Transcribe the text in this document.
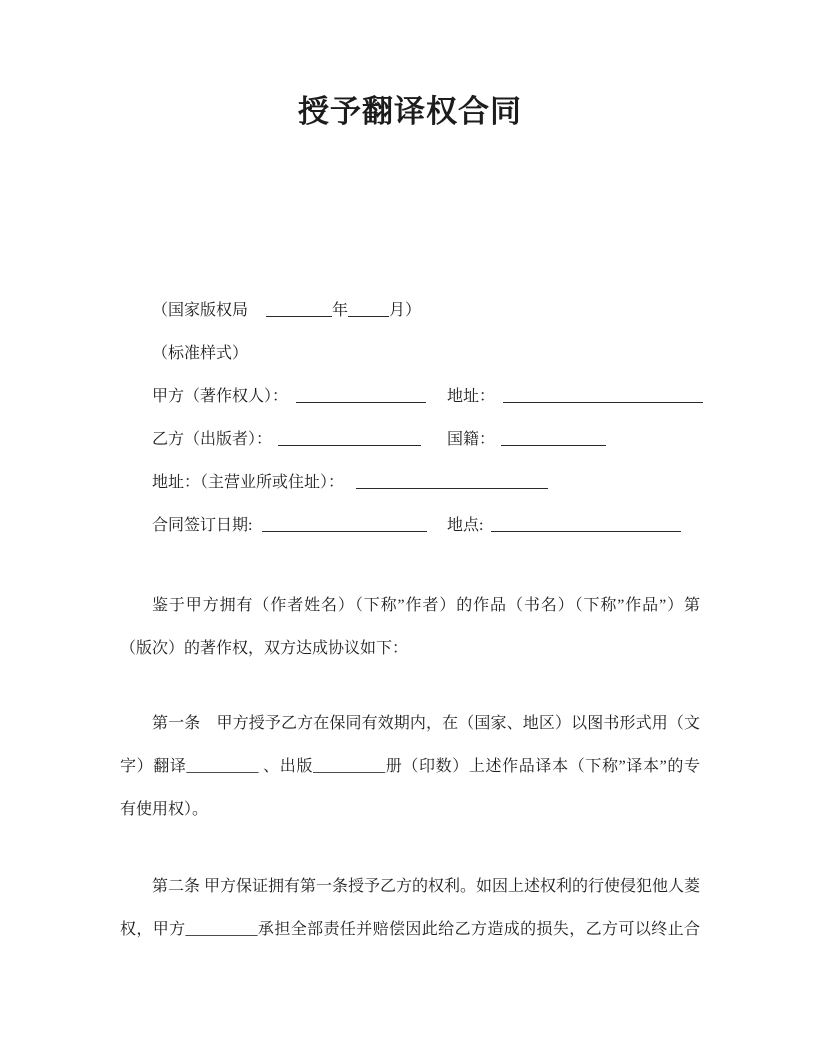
授予翻译权合同
（国家版权局	年	月）
（标准样式）
甲方（著作权人）：	地址：
乙方（出版者）：	国籍：
地址：（主营业所或住址）：
合同签订日期:	地点:
鉴于甲方拥有（作者姓名）（下称”作者）的作品（书名）（下称”作品”）第
（版次）的著作权，双方达成协议如下：
第一条　甲方授予乙方在保同有效期内，在（国家、地区）以图书形式用（文
字）翻译_________ 、出版_________册（印数）上述作品译本（下称”译本”的专
有使用权）。
第二条 甲方保证拥有第一条授予乙方的权利。如因上述权利的行使侵犯他人菱
权，甲方_________承担全部责任并赔偿因此给乙方造成的损失，乙方可以终止合
